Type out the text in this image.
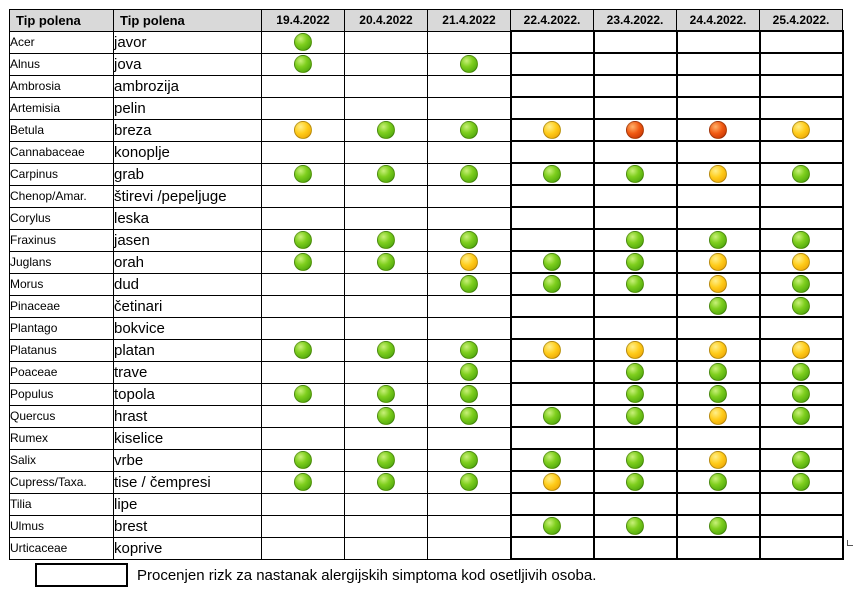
Tip polena	Tip polena	19.4.2022	20.4.2022	21.4.2022	22.4.2022.	23.4.2022.	24.4.2022.	25.4.2022.
Acer	javor							
Alnus	jova							
Ambrosia	ambrozija							
Artemisia	pelin							
Betula	breza							
Cannabaceae	konoplje							
Carpinus	grab							
Chenop/Amar.	štirevi /pepeljuge							
Corylus	leska							
Fraxinus	jasen							
Juglans	orah							
Morus	dud							
Pinaceae	četinari							
Plantago	bokvice							
Platanus	platan							
Poaceae	trave							
Populus	topola							
Quercus	hrast							
Rumex	kiselice							
Salix	vrbe							
Cupress/Taxa.	tise / čempresi							
Tilia	lipe							
Ulmus	brest							
Urticaceae	koprive							
Procenjen rizk za nastanak alergijskih simptoma kod osetljivih osoba.
